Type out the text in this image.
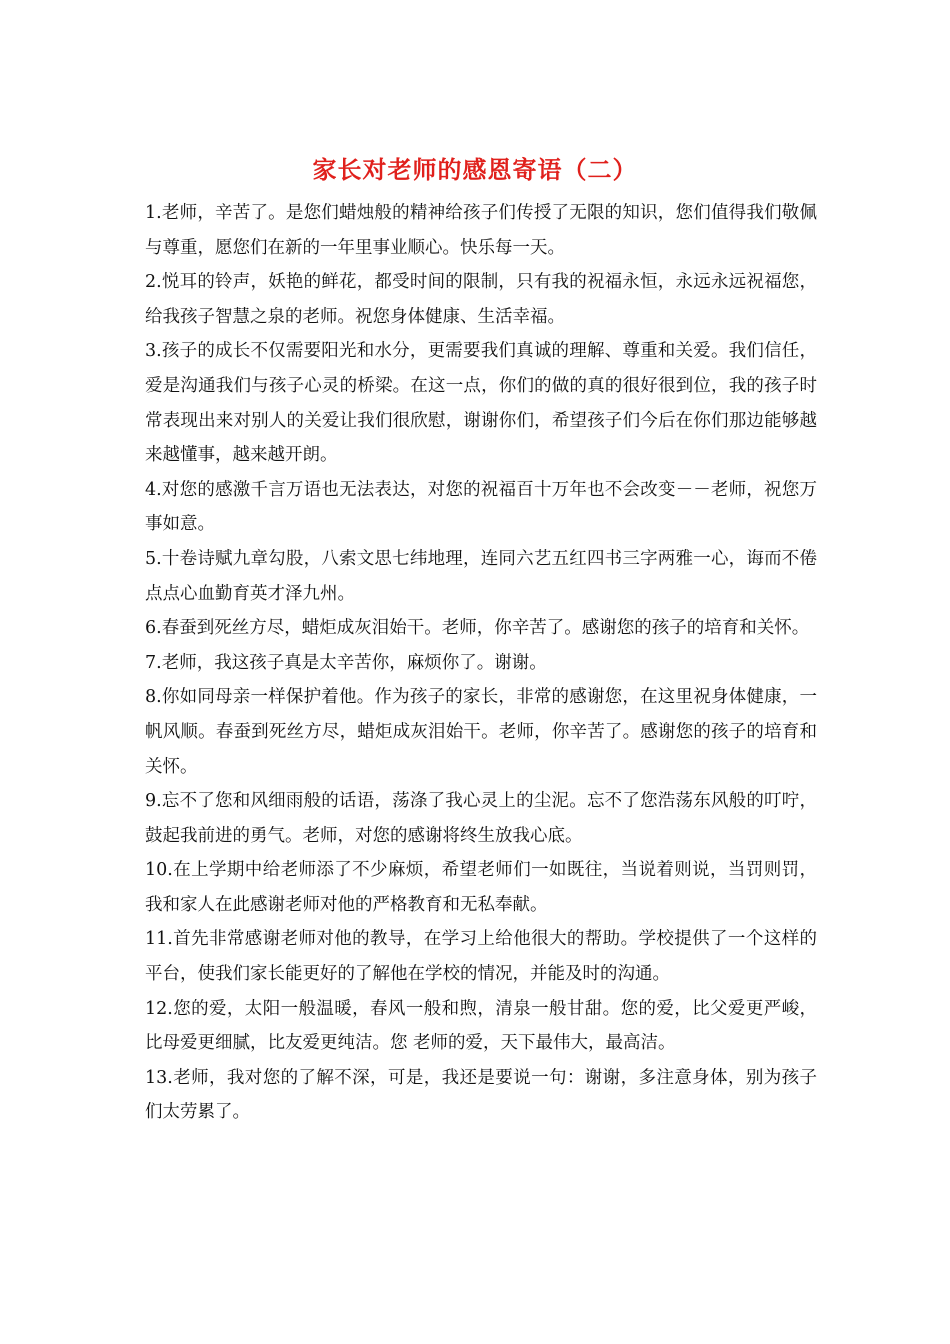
家长对老师的感恩寄语（二）

1.老师，辛苦了。是您们蜡烛般的精神给孩子们传授了无限的知识，您们值得我们敬佩与尊重，愿您们在新的一年里事业顺心。快乐每一天。

2.悦耳的铃声，妖艳的鲜花，都受时间的限制，只有我的祝福永恒，永远永远祝福您，给我孩子智慧之泉的老师。祝您身体健康、生活幸福。

3.孩子的成长不仅需要阳光和水分，更需要我们真诚的理解、尊重和关爱。我们信任，爱是沟通我们与孩子心灵的桥梁。在这一点，你们的做的真的很好很到位，我的孩子时常表现出来对别人的关爱让我们很欣慰，谢谢你们，希望孩子们今后在你们那边能够越来越懂事，越来越开朗。

4.对您的感激千言万语也无法表达，对您的祝福百十万年也不会改变－－老师，祝您万事如意。

5.十卷诗赋九章勾股，八索文思七纬地理，连同六艺五红四书三字两雅一心，诲而不倦点点心血勤育英才泽九州。

6.春蚕到死丝方尽，蜡炬成灰泪始干。老师，你辛苦了。感谢您的孩子的培育和关怀。

7.老师，我这孩子真是太辛苦你，麻烦你了。谢谢。

8.你如同母亲一样保护着他。作为孩子的家长，非常的感谢您，在这里祝身体健康，一帆风顺。春蚕到死丝方尽，蜡炬成灰泪始干。老师，你辛苦了。感谢您的孩子的培育和关怀。

9.忘不了您和风细雨般的话语，荡涤了我心灵上的尘泥。忘不了您浩荡东风般的叮咛，鼓起我前进的勇气。老师，对您的感谢将终生放我心底。

10.在上学期中给老师添了不少麻烦，希望老师们一如既往，当说着则说，当罚则罚，我和家人在此感谢老师对他的严格教育和无私奉献。

11.首先非常感谢老师对他的教导，在学习上给他很大的帮助。学校提供了一个这样的平台，使我们家长能更好的了解他在学校的情况，并能及时的沟通。

12.您的爱，太阳一般温暖，春风一般和煦，清泉一般甘甜。您的爱，比父爱更严峻，比母爱更细腻，比友爱更纯洁。您 老师的爱，天下最伟大，最高洁。

13.老师，我对您的了解不深，可是，我还是要说一句：谢谢，多注意身体，别为孩子们太劳累了。
